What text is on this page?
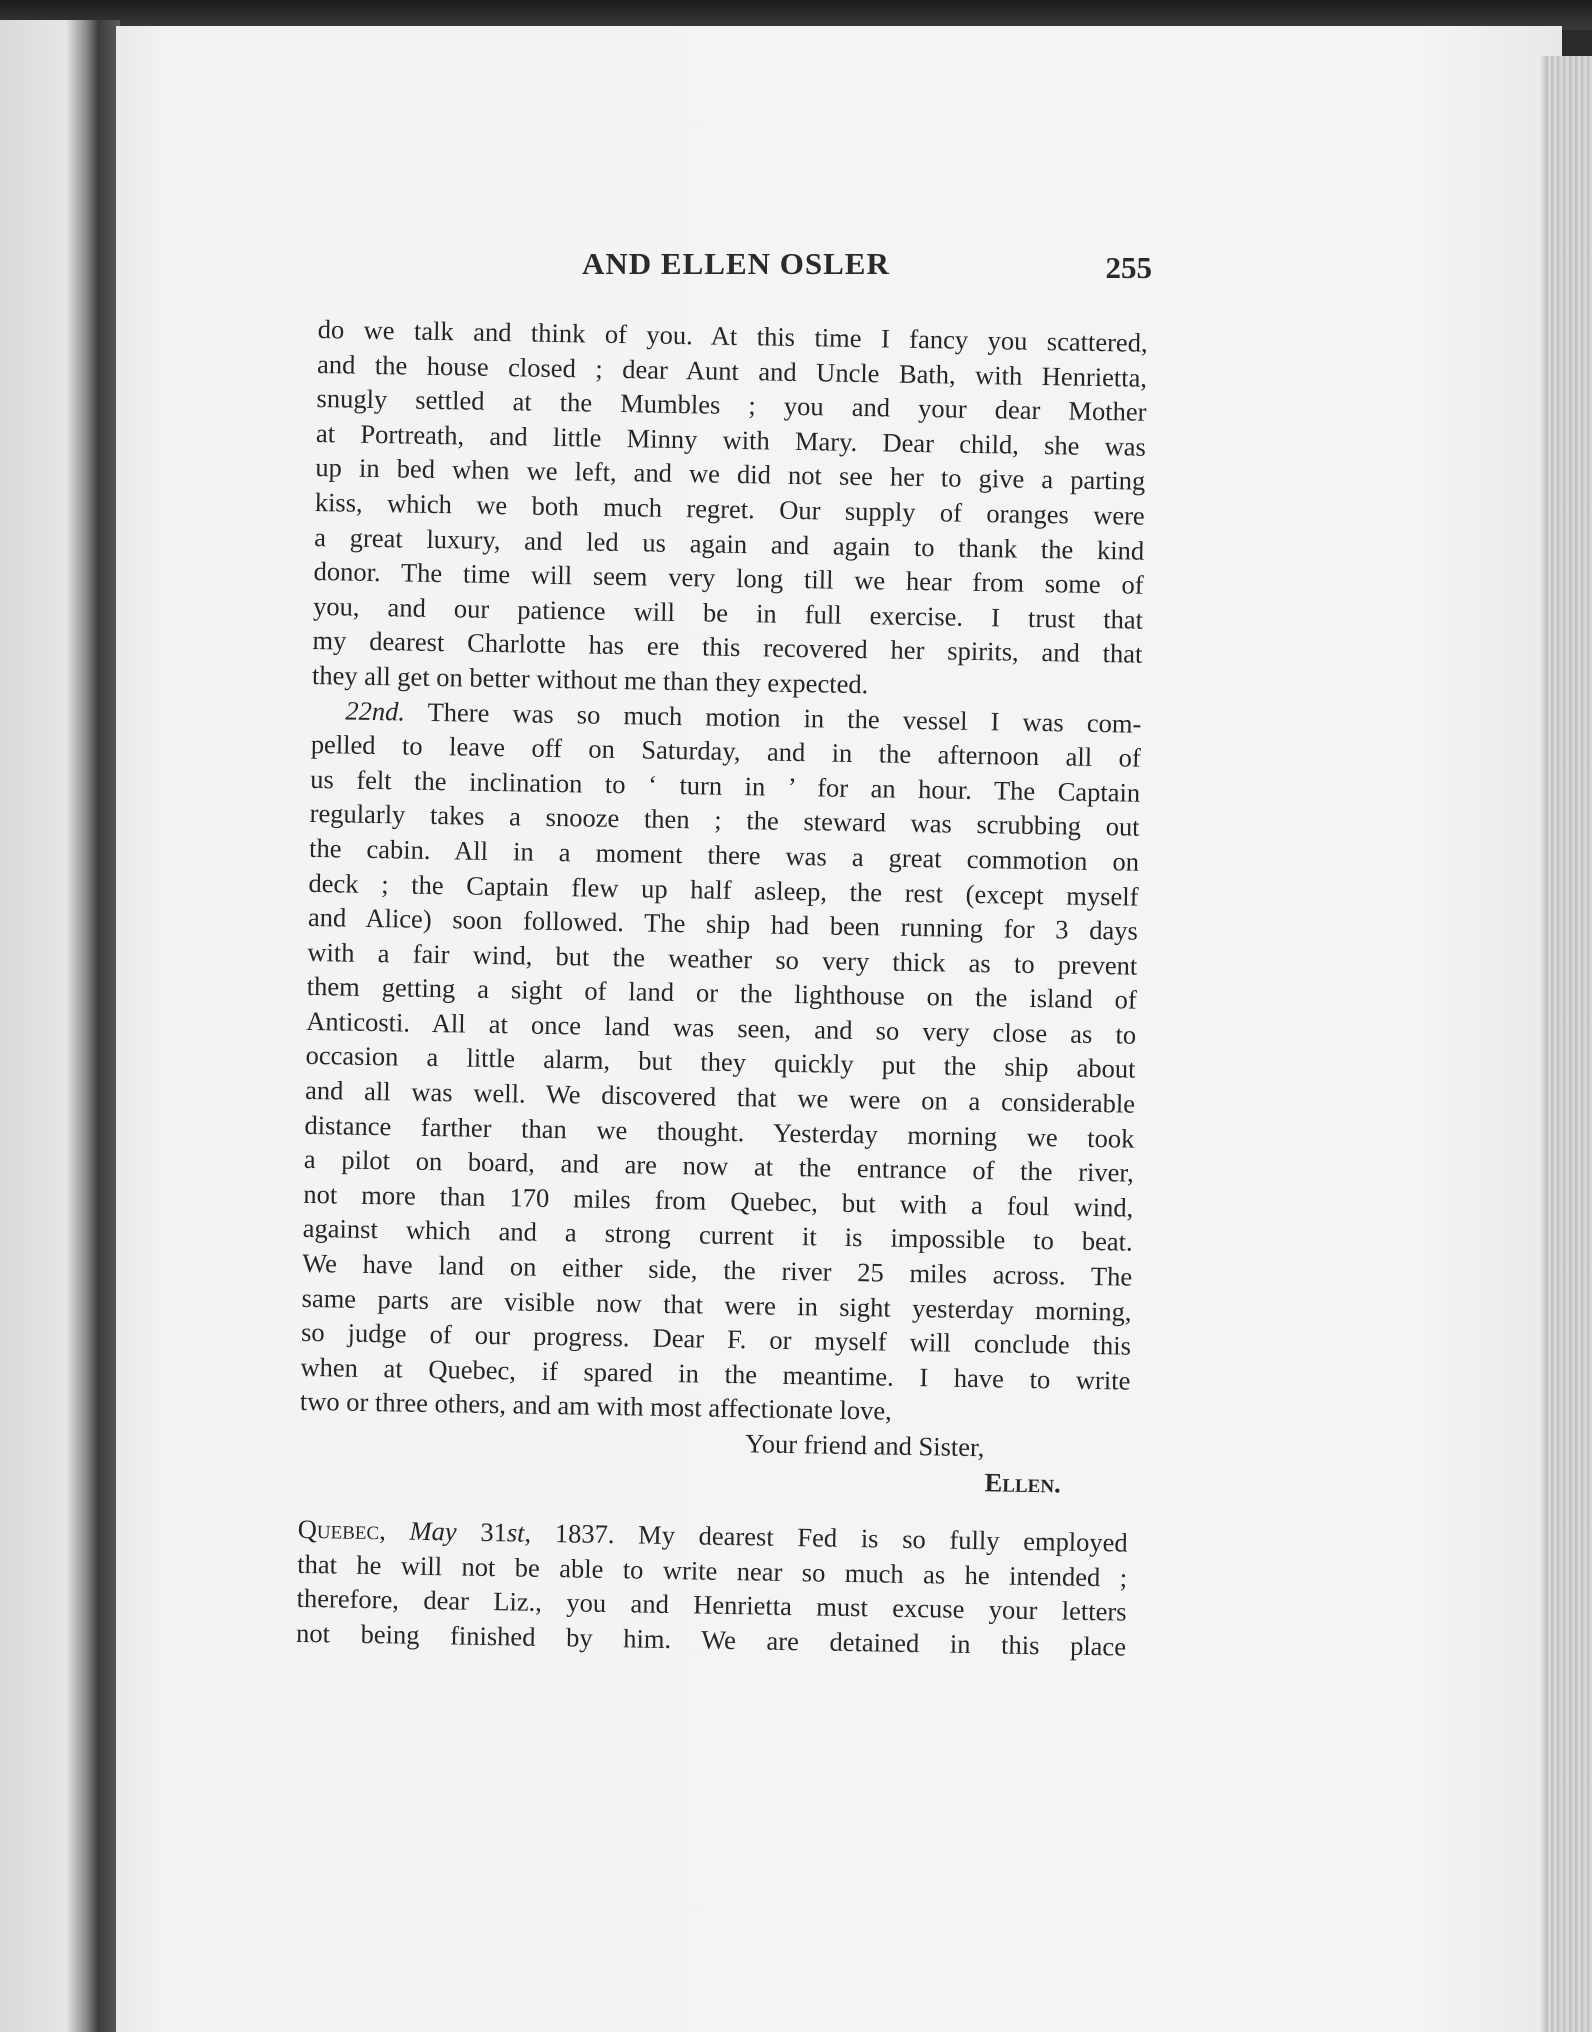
AND ELLEN OSLER	255
do we talk and think of you. At this time I fancy you scattered,
and the house closed ; dear Aunt and Uncle Bath, with Henrietta,
snugly settled at the Mumbles ; you and your dear Mother
at Portreath, and little Minny with Mary. Dear child, she was
up in bed when we left, and we did not see her to give a parting
kiss, which we both much regret. Our supply of oranges were
a great luxury, and led us again and again to thank the kind
donor. The time will seem very long till we hear from some of
you, and our patience will be in full exercise. I trust that
my dearest Charlotte has ere this recovered her spirits, and that
they all get on better without me than they expected.
22nd. There was so much motion in the vessel I was com-
pelled to leave off on Saturday, and in the afternoon all of
us felt the inclination to ‘ turn in ’ for an hour. The Captain
regularly takes a snooze then ; the steward was scrubbing out
the cabin. All in a moment there was a great commotion on
deck ; the Captain flew up half asleep, the rest (except myself
and Alice) soon followed. The ship had been running for 3 days
with a fair wind, but the weather so very thick as to prevent
them getting a sight of land or the lighthouse on the island of
Anticosti. All at once land was seen, and so very close as to
occasion a little alarm, but they quickly put the ship about
and all was well. We discovered that we were on a considerable
distance farther than we thought. Yesterday morning we took
a pilot on board, and are now at the entrance of the river,
not more than 170 miles from Quebec, but with a foul wind,
against which and a strong current it is impossible to beat.
We have land on either side, the river 25 miles across. The
same parts are visible now that were in sight yesterday morning,
so judge of our progress. Dear F. or myself will conclude this
when at Quebec, if spared in the meantime. I have to write
two or three others, and am with most affectionate love,
Your friend and Sister,
Ellen.
Quebec, May 31st, 1837. My dearest Fed is so fully employed
that he will not be able to write near so much as he intended ;
therefore, dear Liz., you and Henrietta must excuse your letters
not being finished by him. We are detained in this place
